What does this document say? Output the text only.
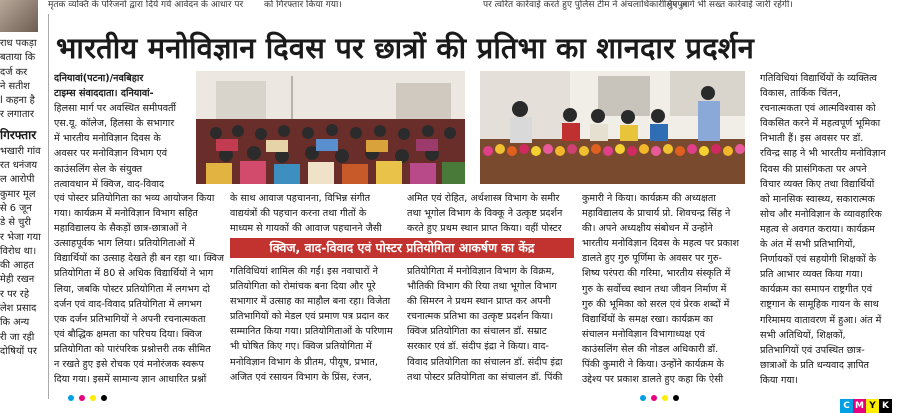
मृतक व्यक्ति के परिजनों द्वारा दिये गये आवेदन के आधार पर को गिरफ्तार किया गया।	पर त्वरित कार्रवाई करते हुए पुलिस टीम ने अंचलाधिकारी पुनपुन
लिए आगे भी सख्त कार्रवाई जारी रहेगी।
राध पकड़ा
बताया कि
दर्ज कर
ने सतीश
l कहना है
र लगातार
गिरफ्तार
भखारी गांव
रत धनंजय
ल आरोपी
कुमार मूल
से 6 जून
डे से चुरी
र भेजा गया
विरोध था।
की आहत
मेही रखन
र पर रहे
लेश प्रसाद
कि अन्य
री जा रही
दोषियों पर
भारतीय मनोविज्ञान दिवस पर छात्रों की प्रतिभा का शानदार प्रदर्शन
दनियावां(पटना)/नवबिहार
टाइम्स संवाददाता। दनियावां-
हिलसा मार्ग पर अवस्थित समीपवर्ती
एस.यू. कॉलेज, हिलसा के सभागार
में भारतीय मनोविज्ञान दिवस के
अवसर पर मनोविज्ञान विभाग एवं
काउंसलिंग सेल के संयुक्त
तत्वावधान में क्विज, वाद-विवाद
एवं पोस्टर प्रतियोगिता का भव्य आयोजन किया
गया। कार्यक्रम में मनोविज्ञान विभाग सहित
महाविद्यालय के सैकड़ों छात्र-छात्राओं ने
उत्साहपूर्वक भाग लिया। प्रतियोगिताओं में
विद्यार्थियों का उत्साह देखते ही बन रहा था। क्विज
प्रतियोगिता में 80 से अधिक विद्यार्थियों ने भाग
लिया, जबकि पोस्टर प्रतियोगिता में लगभग दो
दर्जन एवं वाद-विवाद प्रतियोगिता में लगभग
एक दर्जन प्रतिभागियों ने अपनी रचनात्मकता
एवं बौद्धिक क्षमता का परिचय दिया। क्विज
प्रतियोगिता को पारंपरिक प्रश्नोत्तरी तक सीमित
न रखते हुए इसे रोचक एवं मनोरंजक स्वरूप
दिया गया। इसमें सामान्य ज्ञान आधारित प्रश्नों
के साथ आवाज पहचानना, विभिन्न संगीत
वाद्ययंत्रों की पहचान करना तथा गीतों के
माध्यम से गायकों की आवाज पहचानने जैसी
अमित एवं रोहित, अर्थशास्त्र विभाग के समीर
तथा भूगोल विभाग के विक्कू ने उत्कृष्ट प्रदर्शन
करते हुए प्रथम स्थान प्राप्त किया। वहीं पोस्टर
क्विज, वाद-विवाद एवं पोस्टर प्रतियोगिता आकर्षण का केंद्र
गतिविधियां शामिल की गईं। इस नवाचारों ने
प्रतियोगिता को रोमांचक बना दिया और पूरे
सभागार में उत्साह का माहौल बना रहा। विजेता
प्रतिभागियों को मेडल एवं प्रमाण पत्र प्रदान कर
सम्मानित किया गया। प्रतियोगिताओं के परिणाम
भी घोषित किए गए। क्विज प्रतियोगिता में
मनोविज्ञान विभाग के प्रीतम, पीयूष, प्रभात,
अजित एवं रसायन विभाग के प्रिंस, रंजन,
प्रतियोगिता में मनोविज्ञान विभाग के विक्रम,
भौतिकी विभाग की रिया तथा भूगोल विभाग
की सिमरन ने प्रथम स्थान प्राप्त कर अपनी
रचनात्मक प्रतिभा का उत्कृष्ट प्रदर्शन किया।
क्विज प्रतियोगिता का संचालन डॉ. सम्राट
सरकार एवं डॉ. संदीप इंद्रा ने किया। वाद-
विवाद प्रतियोगिता का संचालन डॉ. संदीप इंद्रा
तथा पोस्टर प्रतियोगिता का संचालन डॉ. पिंकी
कुमारी ने किया। कार्यक्रम की अध्यक्षता
महाविद्यालय के प्राचार्य प्रो. शिवचन्द्र सिंह ने
की। अपने अध्यक्षीय संबोधन में उन्होंने
भारतीय मनोविज्ञान दिवस के महत्व पर प्रकाश
डालते हुए गुरु पूर्णिमा के अवसर पर गुरु-
शिष्य परंपरा की गरिमा, भारतीय संस्कृति में
गुरु के सर्वोच्च स्थान तथा जीवन निर्माण में
गुरु की भूमिका को सरल एवं प्रेरक शब्दों में
विद्यार्थियों के समक्ष रखा। कार्यक्रम का
संचालन मनोविज्ञान विभागाध्यक्ष एवं
काउंसलिंग सेल की नोडल अधिकारी डॉ.
पिंकी कुमारी ने किया। उन्होंने कार्यक्रम के
उद्देश्य पर प्रकाश डालते हुए कहा कि ऐसी
गतिविधियां विद्यार्थियों के व्यक्तित्व
विकास, तार्किक चिंतन,
रचनात्मकता एवं आत्मविश्वास को
विकसित करने में महत्वपूर्ण भूमिका
निभाती हैं। इस अवसर पर डॉ.
रविन्द्र साह ने भी भारतीय मनोविज्ञान
दिवस की प्रासंगिकता पर अपने
विचार व्यक्त किए तथा विद्यार्थियों
को मानसिक स्वास्थ्य, सकारात्मक
सोच और मनोविज्ञान के व्यावहारिक
महत्व से अवगत कराया। कार्यक्रम
के अंत में सभी प्रतिभागियों,
निर्णायकों एवं सहयोगी शिक्षकों के
प्रति आभार व्यक्त किया गया।
कार्यक्रम का समापन राष्ट्रगीत एवं
राष्ट्रगान के सामूहिक गायन के साथ
गरिमामय वातावरण में हुआ। अंत में
सभी अतिथियों, शिक्षकों,
प्रतिभागियों एवं उपस्थित छात्र-
छात्राओं के प्रति धन्यवाद ज्ञापित
किया गया।

C M Y K
